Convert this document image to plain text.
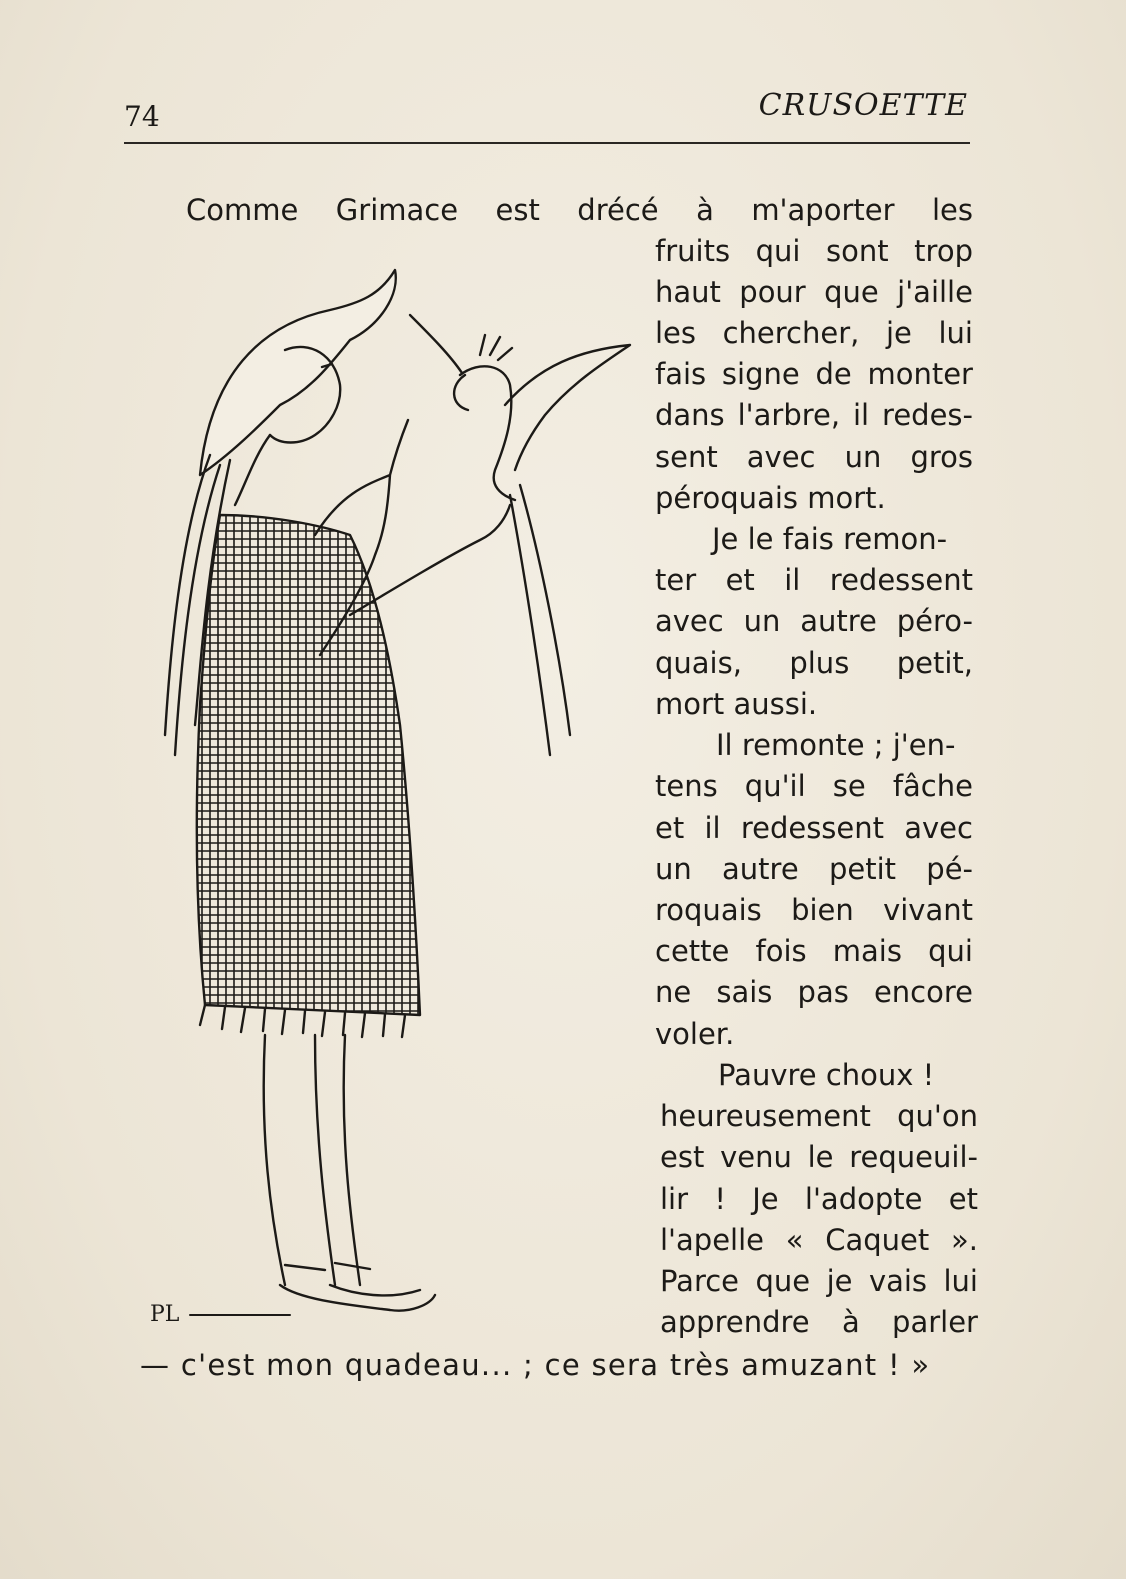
74	CRUSOETTE
PL
Comme Grimace est drécé à m'aporter les
fruits qui sont trop
haut pour que j'aille
les chercher, je lui
fais signe de monter
dans l'arbre, il redes-
sent avec un gros
péroquais mort.
Je le fais remon-
ter et il redessent
avec un autre péro-
quais, plus petit,
mort aussi.
Il remonte ; j'en-
tens qu'il se fâche
et il redessent avec
un autre petit pé-
roquais bien vivant
cette fois mais qui
ne sais pas encore
voler.
Pauvre choux !
heureusement qu'on
est venu le requeuil-
lir ! Je l'adopte et
l'apelle « Caquet ».
Parce que je vais lui
apprendre à parler
— c'est mon quadeau... ; ce sera très amuzant ! »
